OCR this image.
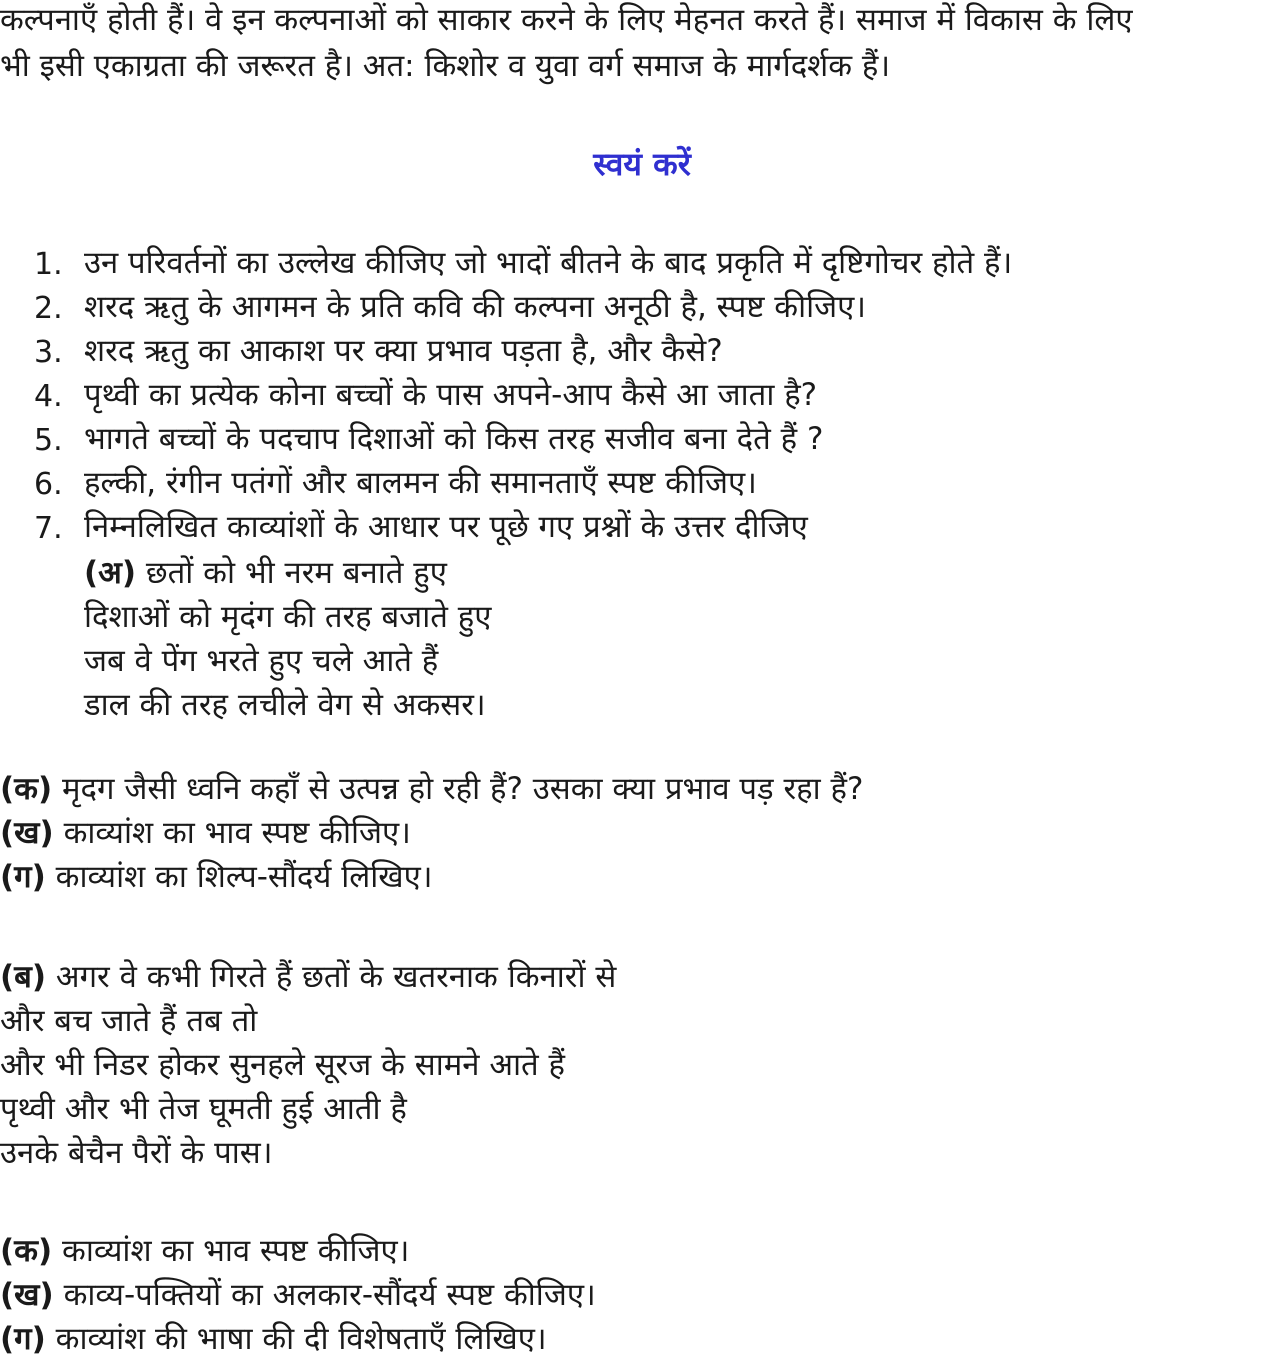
कल्पनाएँ होती हैं। वे इन कल्पनाओं को साकार करने के लिए मेहनत करते हैं। समाज में विकास के लिए
भी इसी एकाग्रता की जरूरत है। अत: किशोर व युवा वर्ग समाज के मार्गदर्शक हैं।
स्वयं करें
1. उन परिवर्तनों का उल्लेख कीजिए जो भादों बीतने के बाद प्रकृति में दृष्टिगोचर होते हैं।
2. शरद ऋतु के आगमन के प्रति कवि की कल्पना अनूठी है, स्पष्ट कीजिए।
3. शरद ऋतु का आकाश पर क्या प्रभाव पड़ता है, और कैसे?
4. पृथ्वी का प्रत्येक कोना बच्चों के पास अपने-आप कैसे आ जाता है?
5. भागते बच्चों के पदचाप दिशाओं को किस तरह सजीव बना देते हैं ?
6. हल्की, रंगीन पतंगों और बालमन की समानताएँ स्पष्ट कीजिए।
7. निम्नलिखित काव्यांशों के आधार पर पूछे गए प्रश्नों के उत्तर दीजिए
(अ) छतों को भी नरम बनाते हुए
दिशाओं को मृदंग की तरह बजाते हुए
जब वे पेंग भरते हुए चले आते हैं
डाल की तरह लचीले वेग से अकसर।
(क) मृदग जैसी ध्वनि कहाँ से उत्पन्न हो रही हैं? उसका क्या प्रभाव पड़ रहा हैं?
(ख) काव्यांश का भाव स्पष्ट कीजिए।
(ग) काव्यांश का शिल्प-सौंदर्य लिखिए।
(ब) अगर वे कभी गिरते हैं छतों के खतरनाक किनारों से
और बच जाते हैं तब तो
और भी निडर होकर सुनहले सूरज के सामने आते हैं
पृथ्वी और भी तेज घूमती हुई आती है
उनके बेचैन पैरों के पास।
(क) काव्यांश का भाव स्पष्ट कीजिए।
(ख) काव्य-पक्तियों का अलकार-सौंदर्य स्पष्ट कीजिए।
(ग) काव्यांश की भाषा की दी विशेषताएँ लिखिए।
